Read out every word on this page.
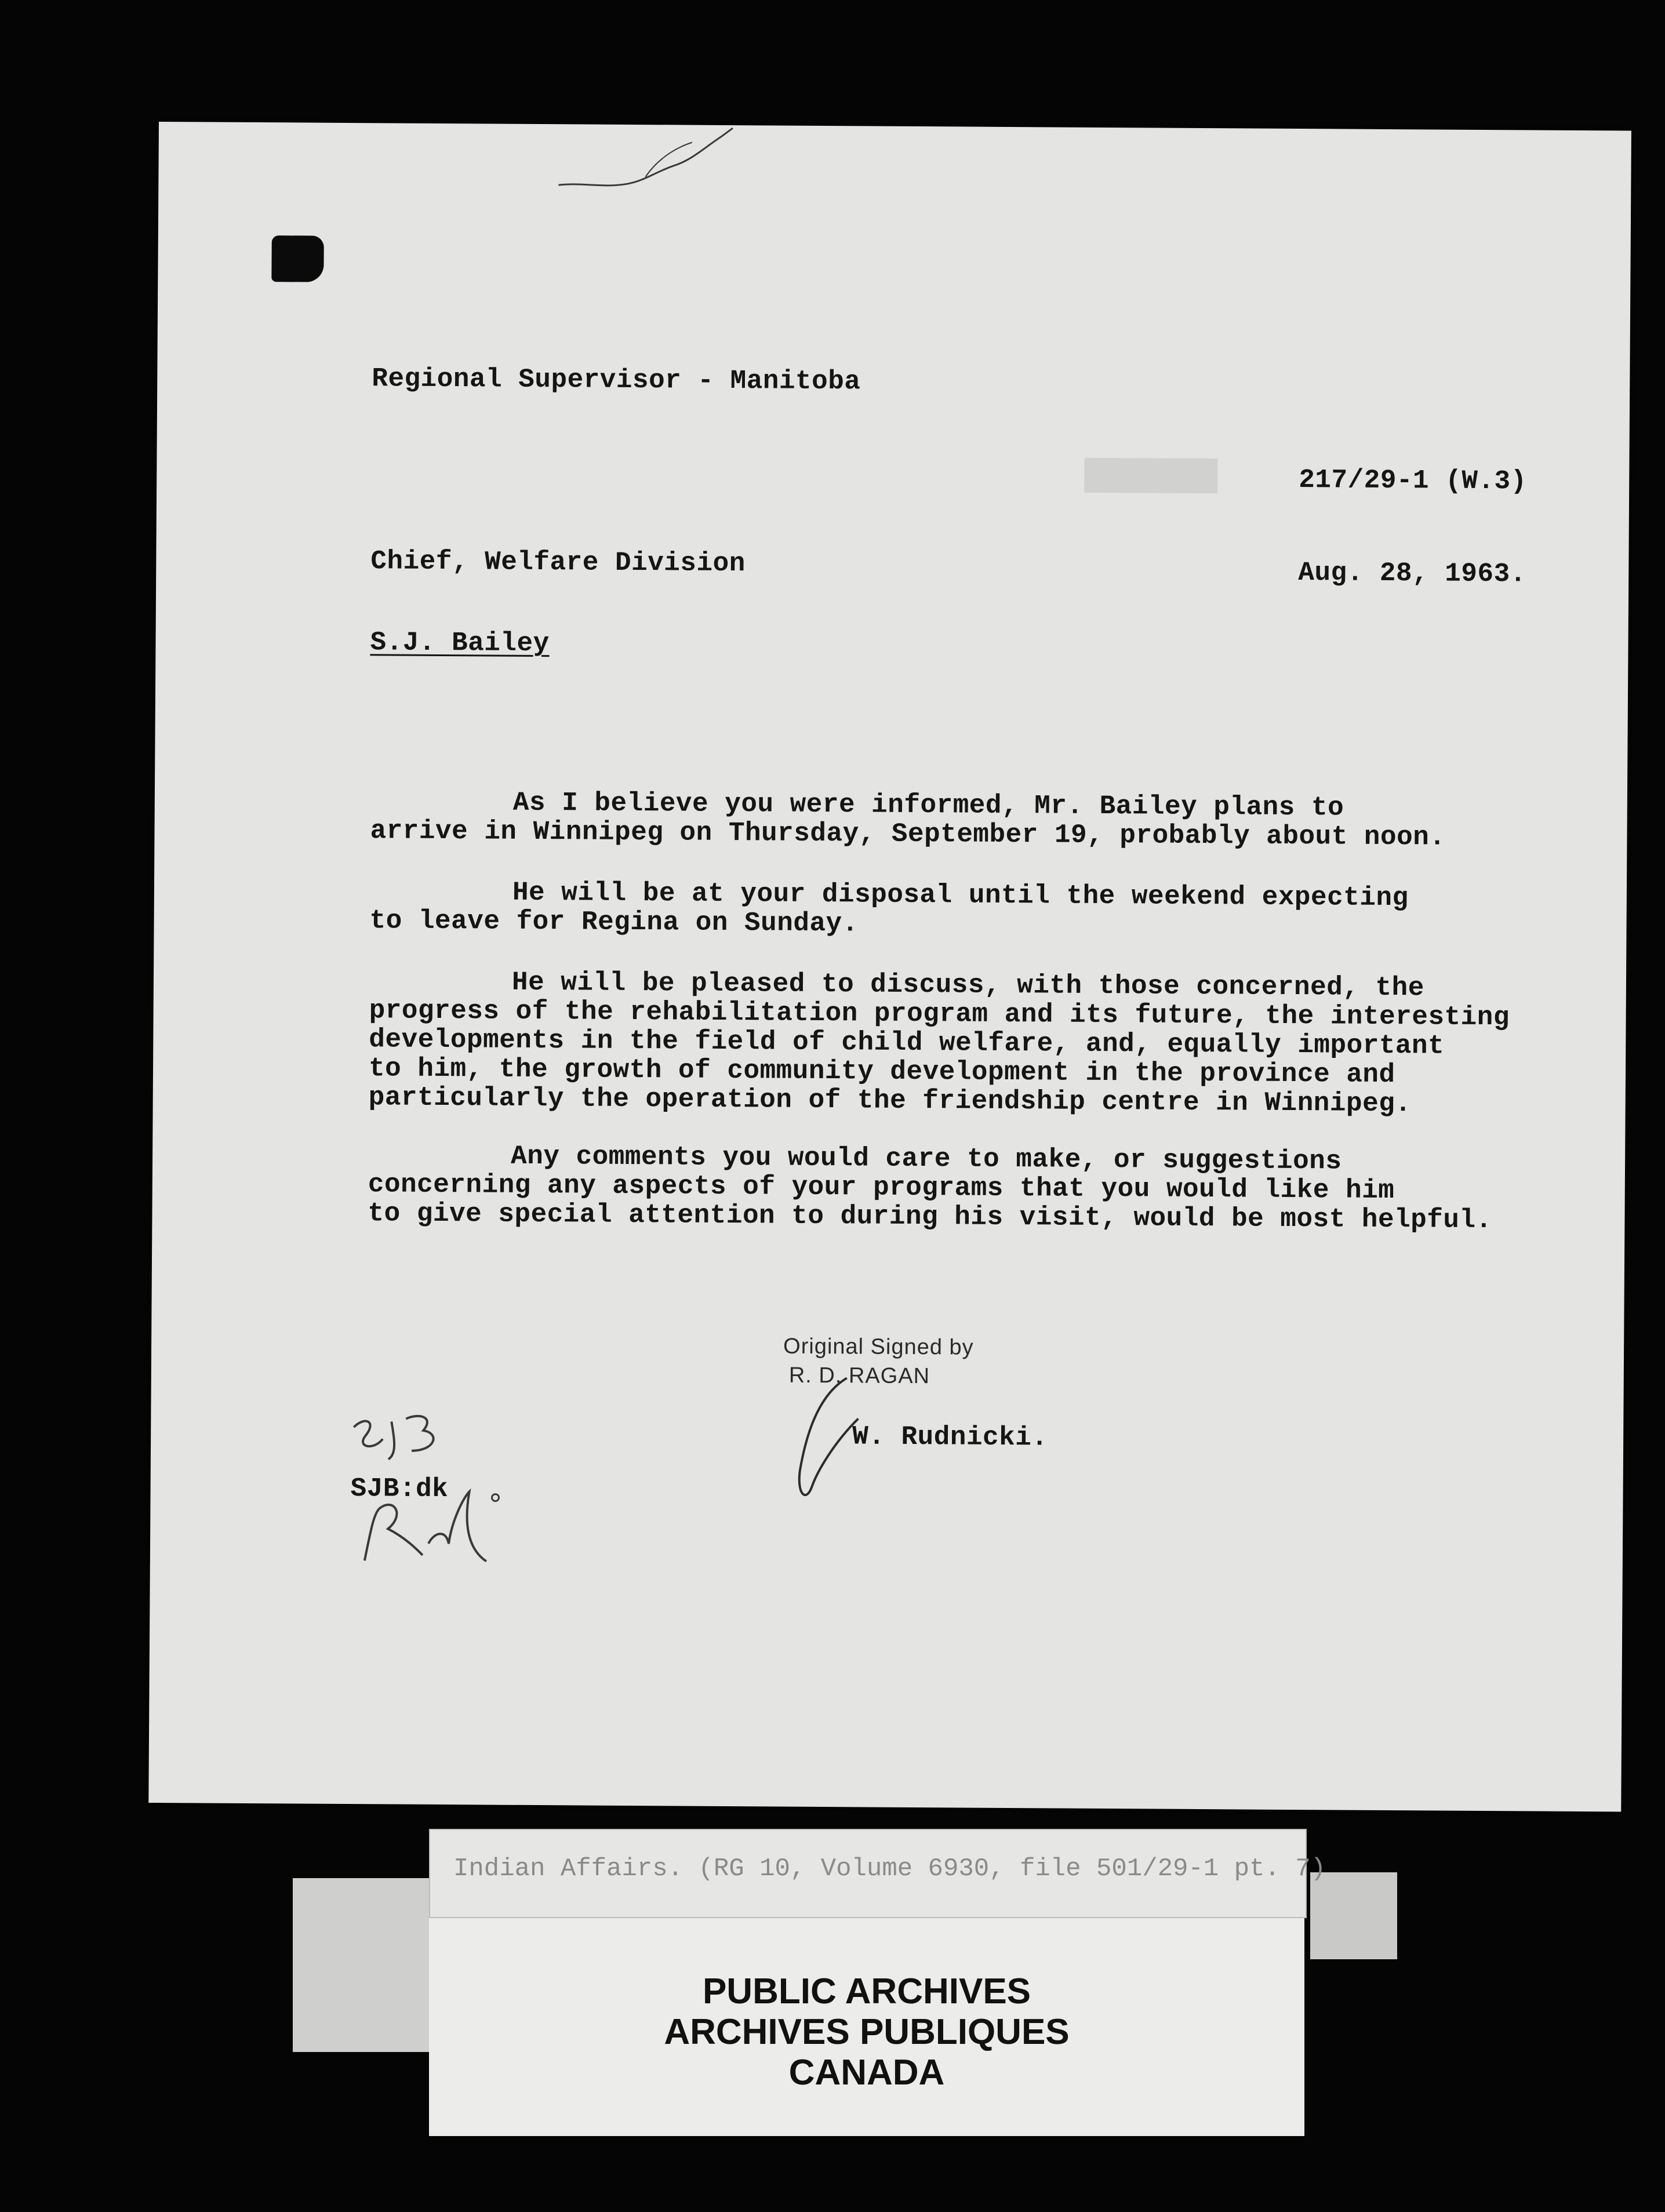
Regional Supervisor - Manitoba
217/29-1 (W.3)
Chief, Welfare Division	Aug. 28, 1963.
S.J. Bailey
As I believe you were informed, Mr. Bailey plans to
arrive in Winnipeg on Thursday, September 19, probably about noon.
He will be at your disposal until the weekend expecting
to leave for Regina on Sunday.
He will be pleased to discuss, with those concerned, the
progress of the rehabilitation program and its future, the interesting
developments in the field of child welfare, and, equally important
to him, the growth of community development in the province and
particularly the operation of the friendship centre in Winnipeg.
Any comments you would care to make, or suggestions
concerning any aspects of your programs that you would like him
to give special attention to during his visit, would be most helpful.
Original Signed by
R. D. RAGAN
W. Rudnicki.
SJB:dk
PUBLIC ARCHIVES
ARCHIVES PUBLIQUES
CANADA
Indian Affairs. (RG 10, Volume 6930, file 501/29-1 pt. 7)
